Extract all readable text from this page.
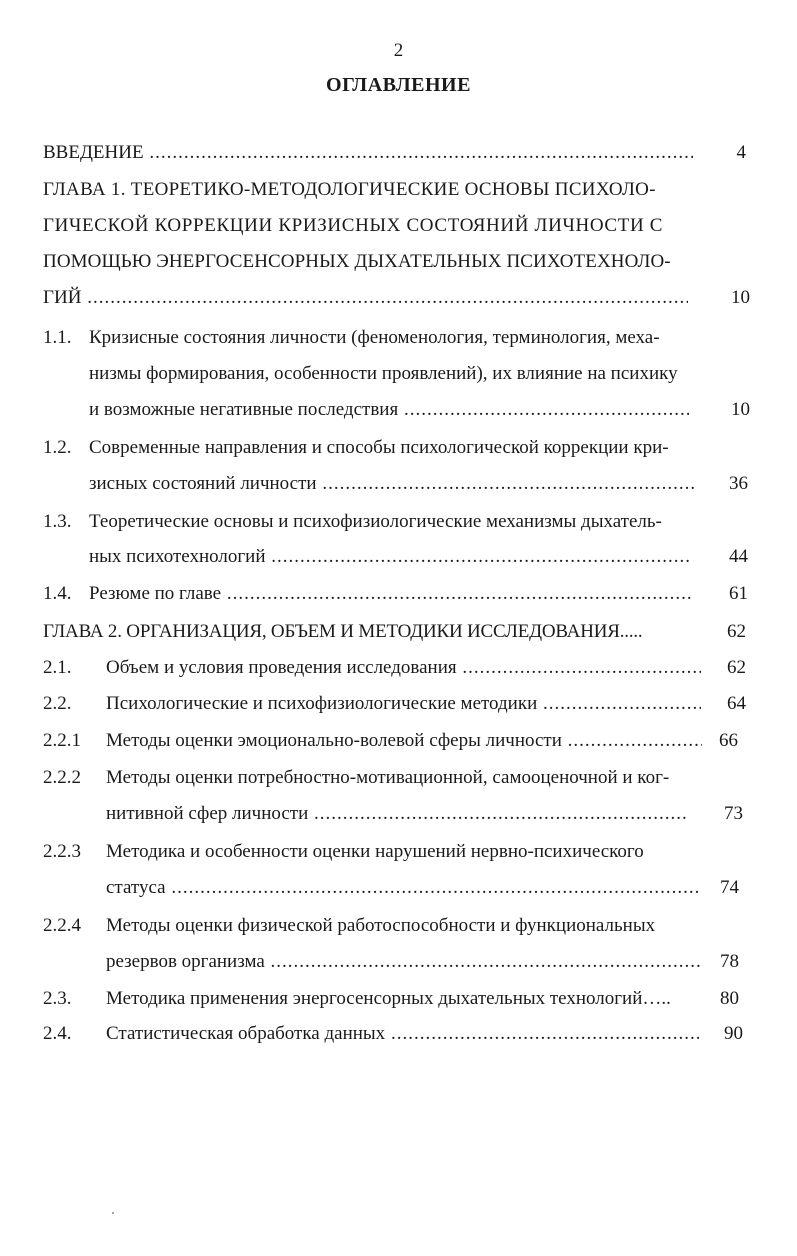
2
ОГЛАВЛЕНИЕ
ВВЕДЕНИЕ .....	4
ГЛАВА 1. ТЕОРЕТИКО-МЕТОДОЛОГИЧЕСКИЕ ОСНОВЫ ПСИХОЛО-
ГИЧЕСКОЙ КОРРЕКЦИИ КРИЗИСНЫХ СОСТОЯНИЙ ЛИЧНОСТИ С
ПОМОЩЬЮ ЭНЕРГОСЕНСОРНЫХ ДЫХАТЕЛЬНЫХ ПСИХОТЕХНОЛО-
ГИЙ .....	10
1.1. Кризисные состояния личности (феноменология, терминология, меха-
низмы формирования, особенности проявлений), их влияние на психику
и возможные негативные последствия .....	10
1.2. Современные направления и способы психологической коррекции кри-
зисных состояний личности .....	36
1.3. Теоретические основы и психофизиологические механизмы дыхатель-
ных психотехнологий .....	44
1.4. Резюме по главе .....	61
ГЛАВА 2. ОРГАНИЗАЦИЯ, ОБЪЕМ И МЕТОДИКИ ИССЛЕДОВАНИЯ.....	62
2.1. Объем и условия проведения исследования .....	62
2.2. Психологические и психофизиологические методики .....	64
2.2.1 Методы оценки эмоционально-волевой сферы личности .....	66
2.2.2 Методы оценки потребностно-мотивационной, самооценочной и ког-
нитивной сфер личности .....	73
2.2.3 Методика и особенности оценки нарушений нервно-психического
статуса .....	74
2.2.4 Методы оценки физической работоспособности и функциональных
резервов организма .....	78
2.3. Методика применения энергосенсорных дыхательных технологий…..	80
2.4. Статистическая обработка данных .....	90
